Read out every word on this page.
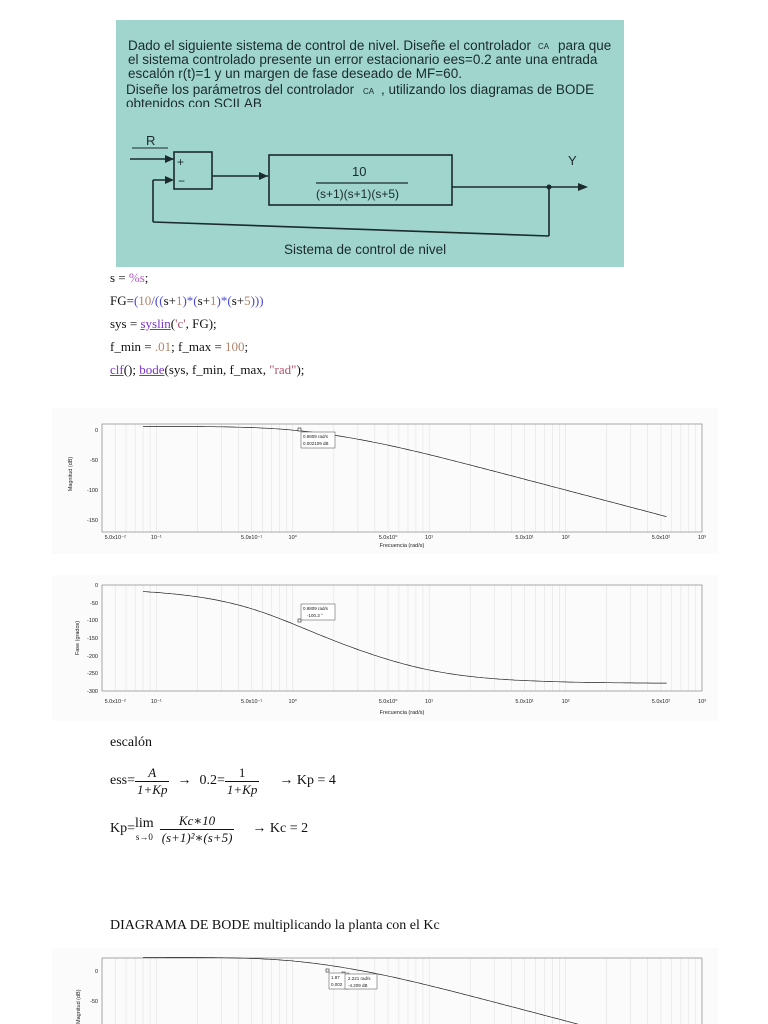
Dado el siguiente sistema de control de nivel. Diseñe el controlador CA para que
el sistema controlado presente un error estacionario ees=0.2 ante una entrada
escalón r(t)=1 y un margen de fase deseado de MF=60.
Diseñe los parámetros del controlador CA , utilizando los diagramas de BODE
obtenidos con SCILAB
R
+
−
10
(s+1)(s+1)(s+5)
Y
Sistema de control de nivel
s = %s;
FG=(10/((s+1)*(s+1)*(s+5)))
sys = syslin('c', FG);
f_min = .01; f_max = 100;
clf(); bode(sys, f_min, f_max, "rad");
0
-50
-100
-150
5.0x10⁻²	10⁻¹	5.0x10⁻¹	10⁰	5.0x10⁰	10¹	5.0x10¹	10²	5.0x10²	10³
Magnitud (dB)
Frecuencia (rad/s)
0.9809 rad/s
0.002109 dB
0
-50
-100
-150
-200
-250
-300
5.0x10⁻²	10⁻¹	5.0x10⁻¹	10⁰	5.0x10⁰	10¹	5.0x10¹	10²	5.0x10²	10³
Fase (grados)
Frecuencia (rad/s)
0.9809 rad/s
-100.3 °
escalón
$ess= \frac{A}{1+Kp} \to 0.2= \frac{1}{1+Kp} \to Kp = 4$
Kp= lim
$s\to 0 \frac{Kc∗10}{\text{(s+1)²∗(s+5)}} \to Kc = 2$
DIAGRAMA DE BODE multiplicando la planta con el Kc
0
-50
Magnitud (dB)
1.87
0.002
2.221 rad/s
-4.209 dB
